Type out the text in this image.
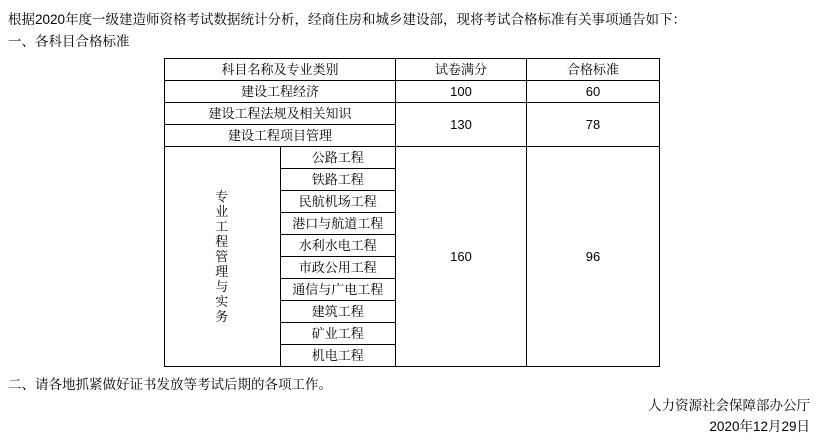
根据2020年度一级建造师资格考试数据统计分析，经商住房和城乡建设部，现将考试合格标准有关事项通告如下：

一、各科目合格标准

科目名称及专业类别		试卷满分	合格标准
建设工程经济		100	60
建设工程法规及相关知识		130	78
建设工程项目管理			

专
业
工
程
管
理
与
实
务
	公路工程	160	96
	铁路工程		
	民航机场工程		
	港口与航道工程		
	水利水电工程		
	市政公用工程		
	通信与广电工程		
	建筑工程		
	矿业工程		
	机电工程		

二、请各地抓紧做好证书发放等考试后期的各项工作。

人力资源社会保障部办公厅
2020年12月29日
